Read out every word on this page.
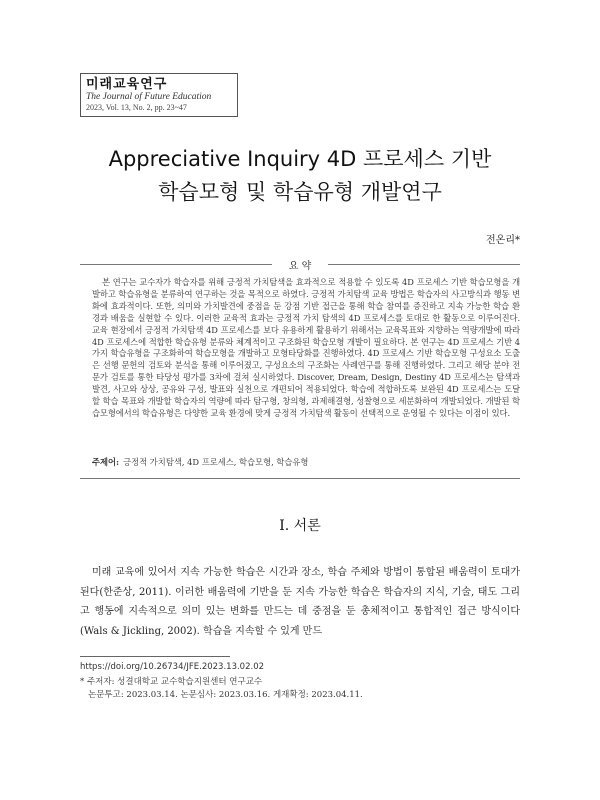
미래교육연구
The Journal of Future Education
2023, Vol. 13, No. 2, pp. 23~47
Appreciative Inquiry 4D 프로세스 기반
학습모형 및 학습유형 개발연구
전온리*
요 약

본 연구는 교수자가 학습자를 위해 긍정적 가치탐색을 효과적으로 적용할 수 있도록 4D 프로세스 기반 학습모형을 개발하고 학습유형을 분류하여 연구하는 것을 목적으로 하였다. 긍정적 가치탐색 교육 방법은 학습자의 사고방식과 행동 변화에 효과적이다. 또한, 의미와 가치발견에 중점을 둔 강점 기반 접근을 통해 학습 참여를 증진하고 지속 가능한 학습 환경과 배움을 실현할 수 있다. 이러한 교육적 효과는 긍정적 가치 탐색의 4D 프로세스를 토대로 한 활동으로 이루어진다. 교육 현장에서 긍정적 가치탐색 4D 프로세스를 보다 유용하게 활용하기 위해서는 교육목표와 지향하는 역량개발에 따라 4D 프로세스에 적합한 학습유형 분류와 체계적이고 구조화된 학습모형 개발이 필요하다. 본 연구는 4D 프로세스 기반 4가지 학습유형을 구조화하여 학습모형을 개발하고 모형타당화를 진행하였다. 4D 프로세스 기반 학습모형 구성요소 도출은 선행 문헌의 검토와 분석을 통해 이루어졌고, 구성요소의 구조화는 사례연구를 통해 진행하였다. 그리고 해당 분야 전문가 검토를 통한 타당성 평가를 3차에 걸쳐 실시하였다. Discover, Dream, Design, Destiny 4D 프로세스는 탐색과 발견, 사고와 상상, 공유와 구성, 발표와 실천으로 개편되어 적용되었다. 학습에 적합하도록 보완된 4D 프로세스는 도달할 학습 목표와 개발할 학습자의 역량에 따라 탐구형, 창의형, 과제해결형, 성찰형으로 세분화하여 개발되었다. 개발된 학습모형에서의 학습유형은 다양한 교육 환경에 맞게 긍정적 가치탐색 활동이 선택적으로 운영될 수 있다는 이점이 있다.

주제어: 긍정적 가치탐색, 4D 프로세스, 학습모형, 학습유형
Ⅰ. 서론

미래 교육에 있어서 지속 가능한 학습은 시간과 장소, 학습 주체와 방법이 통합된 배움력이 토대가 된다(한준상, 2011). 이러한 배움력에 기반을 둔 지속 가능한 학습은 학습자의 지식, 기술, 태도 그리고 행동에 지속적으로 의미 있는 변화를 만드는 데 중점을 둔 총체적이고 통합적인 접근 방식이다(Wals & Jickling, 2002). 학습을 지속할 수 있게 만드

https://doi.org/10.26734/JFE.2023.13.02.02
* 주저자: 성결대학교 교수학습지원센터 연구교수
논문투고: 2023.03.14. 논문심사: 2023.03.16. 게재확정: 2023.04.11.
